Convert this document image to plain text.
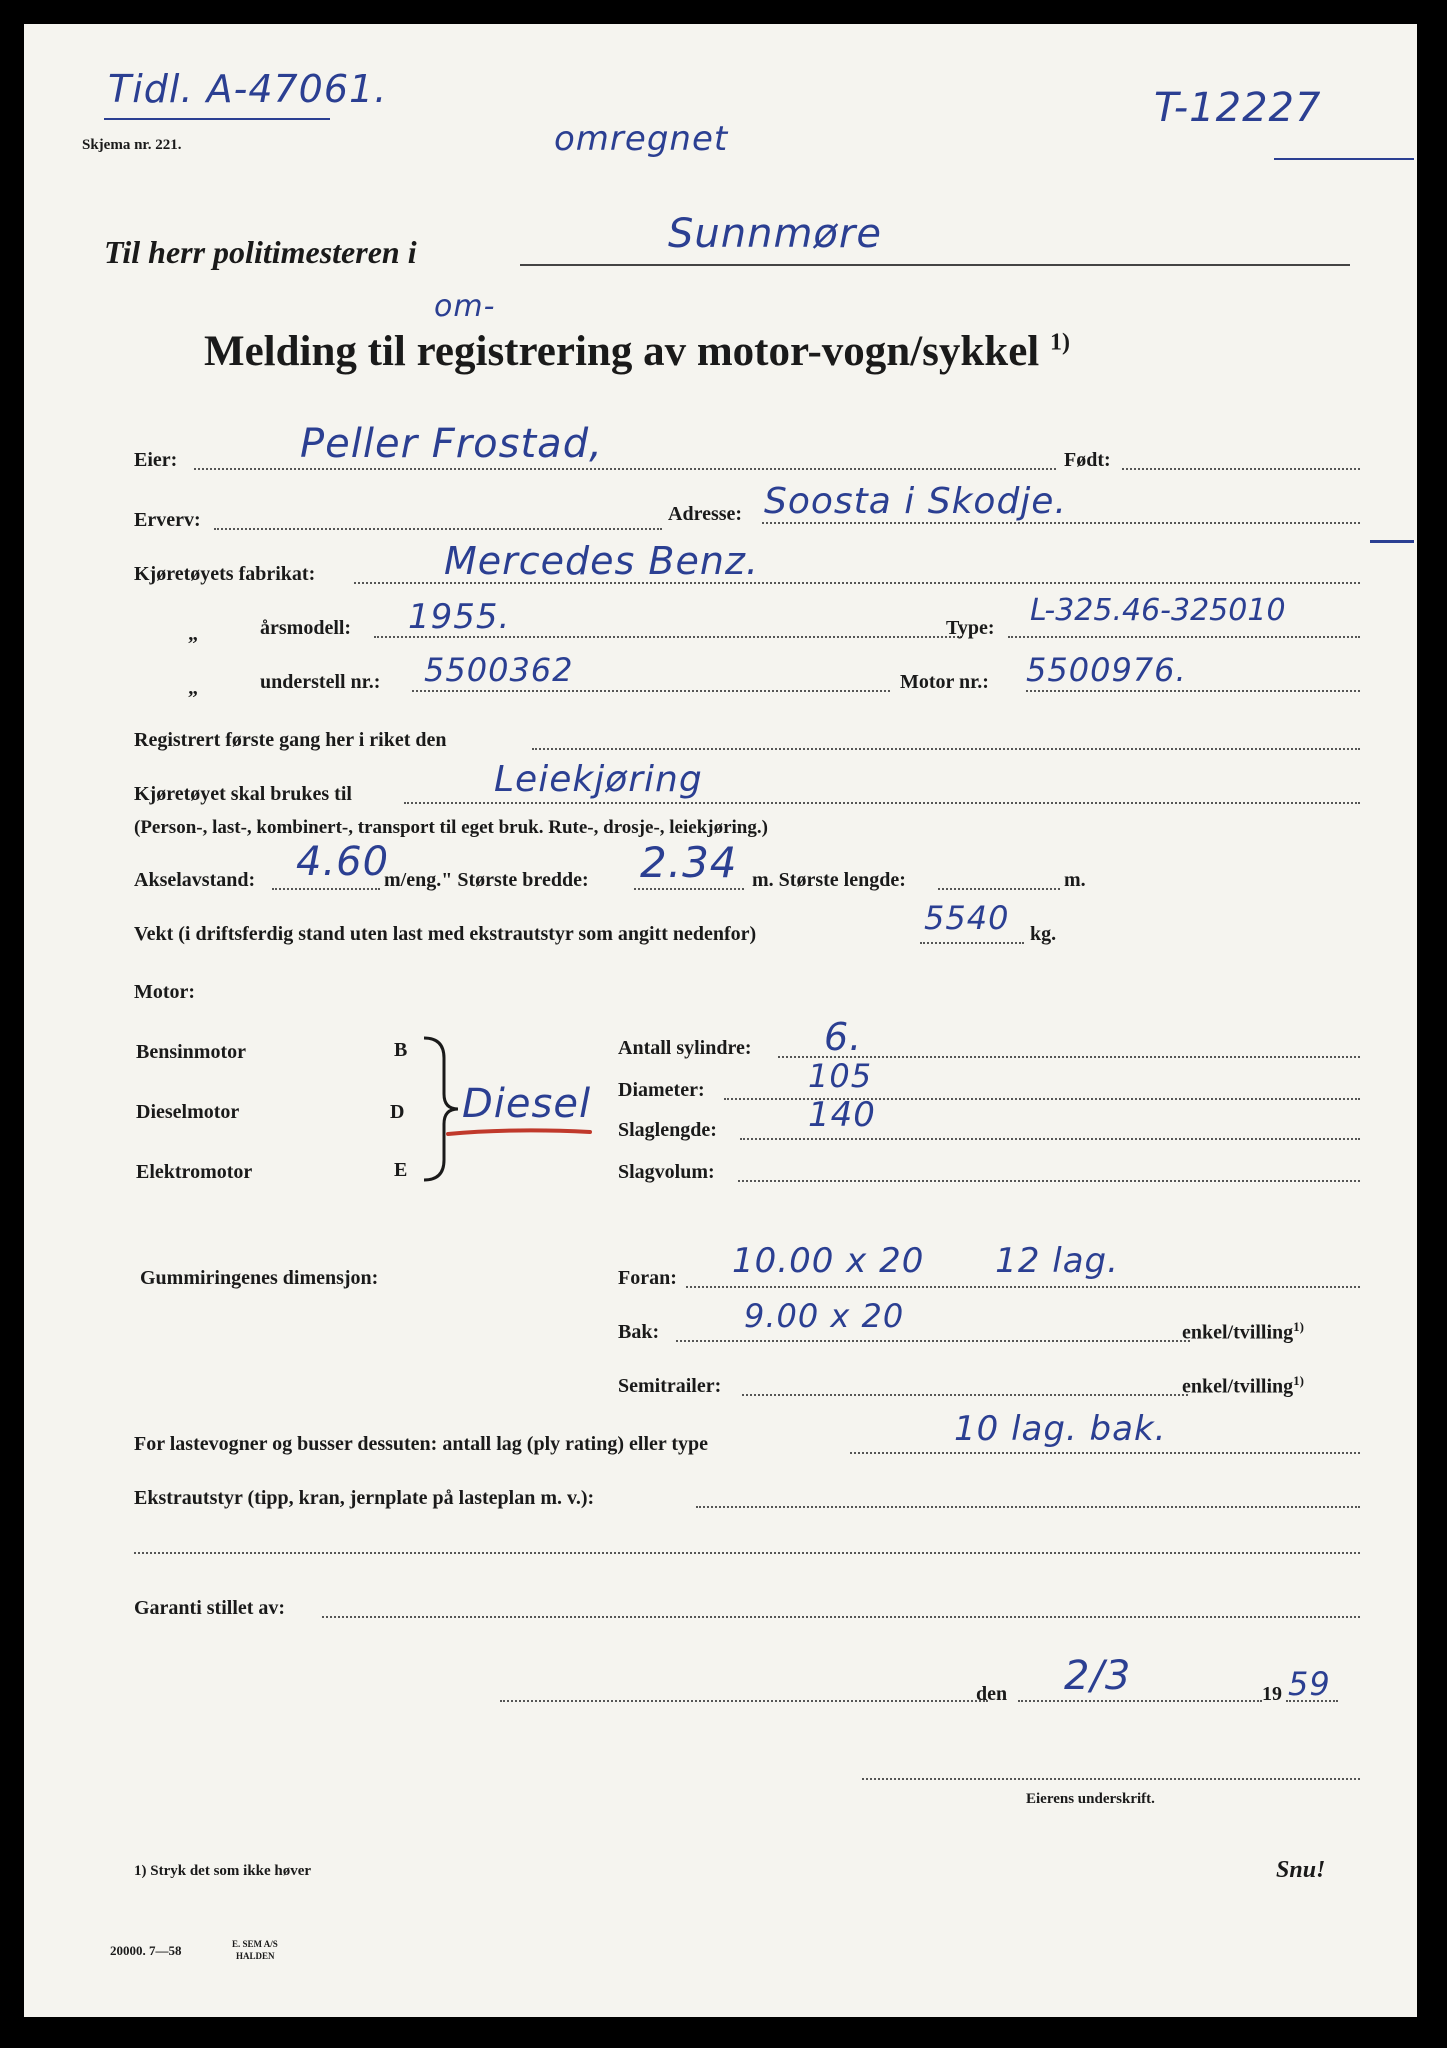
Tidl. A-47061.
Skjema nr. 221.
T-12227
omregnet
Til herr politimesteren i	Sunnmøre
om-
Melding til registrering av motor-vogn/sykkel $^{1)}$
Eier:	Peller Frostad,	Født:
Erverv:	Adresse: Soosta i Skodje.
Kjøretøyets fabrikat:	Mercedes Benz.
„	årsmodell: 1955.	Type: L-325.46-325010
„	understell nr.: 5500362	Motor nr.: 5500976.
Registrert første gang her i riket den
Kjøretøyet skal brukes til	Leiekjøring
(Person-, last-, kombinert-, transport til eget bruk. Rute-, drosje-, leiekjøring.)
Akselavstand: 4.60
m/eng." Største bredde: 2.34 m. Største lengde:	m.
Vekt (i driftsferdig stand uten last med ekstrautstyr som angitt nedenfor)	5540 kg.
Motor:
Bensinmotor	B
Dieselmotor	D
Elektromotor	E
Diesel
Antall sylindre: 6.
Diameter:	105
Slaglengde:	140
Slagvolum:
Gummiringenes dimensjon:	Foran: 10.00 x 20      12 lag.
Bak:	9.00 x 20	enkel/tvilling$^{1)}$
Semitrailer:	enkel/tvilling$^{1)}$
For lastevogner og busser dessuten: antall lag (ply rating) eller type	10 lag. bak.
Ekstrautstyr (tipp, kran, jernplate på lasteplan m. v.):
Garanti stillet av:
den 2/3	19 59
Eierens underskrift.
1) Stryk det som ikke høver	Snu!
20000. 7—58	E. SEM A/S
HALDEN
